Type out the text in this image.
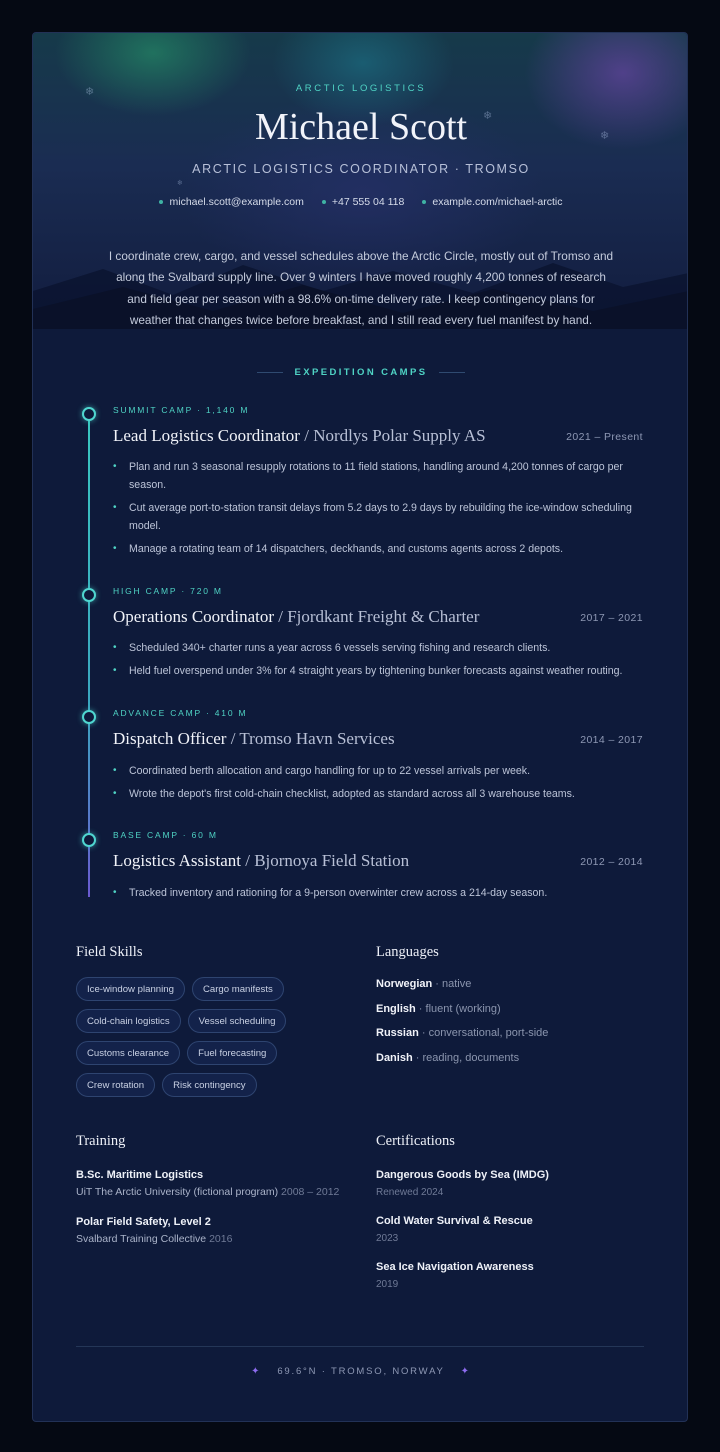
❄
❄
❄
❄
ARCTIC LOGISTICS
Michael Scott
ARCTIC LOGISTICS COORDINATOR · TROMSO
michael.scott@example.com	+47 555 04 118	example.com/michael-arctic

I coordinate crew, cargo, and vessel schedules above the Arctic Circle, mostly out of Tromso and along the Svalbard supply line. Over 9 winters I have moved roughly 4,200 tonnes of research and field gear per season with a 98.6% on-time delivery rate. I keep contingency plans for weather that changes twice before breakfast, and I still read every fuel manifest by hand.

EXPEDITION CAMPS
SUMMIT CAMP · 1,140 M
Lead Logistics Coordinator / Nordlys Polar Supply AS	2021 – Present
• Plan and run 3 seasonal resupply rotations to 11 field stations, handling around 4,200 tonnes of cargo per season.
• Cut average port-to-station transit delays from 5.2 days to 2.9 days by rebuilding the ice-window scheduling model.
• Manage a rotating team of 14 dispatchers, deckhands, and customs agents across 2 depots.
HIGH CAMP · 720 M
Operations Coordinator / Fjordkant Freight & Charter	2017 – 2021
• Scheduled 340+ charter runs a year across 6 vessels serving fishing and research clients.
• Held fuel overspend under 3% for 4 straight years by tightening bunker forecasts against weather routing.
ADVANCE CAMP · 410 M
Dispatch Officer / Tromso Havn Services	2014 – 2017
• Coordinated berth allocation and cargo handling for up to 22 vessel arrivals per week.
• Wrote the depot's first cold-chain checklist, adopted as standard across all 3 warehouse teams.
BASE CAMP · 60 M
Logistics Assistant / Bjornoya Field Station	2012 – 2014
• Tracked inventory and rationing for a 9-person overwinter crew across a 214-day season.
Field Skills
Ice-window planning	Cargo manifests
Cold-chain logistics	Vessel scheduling
Customs clearance	Fuel forecasting
Crew rotation	Risk contingency
Languages
Norwegian · native
English · fluent (working)
Russian · conversational, port-side
Danish · reading, documents
Training
B.Sc. Maritime Logistics
UiT The Arctic University (fictional program) 2008 – 2012
Polar Field Safety, Level 2
Svalbard Training Collective 2016
Certifications
Dangerous Goods by Sea (IMDG)
Renewed 2024
Cold Water Survival & Rescue
2023
Sea Ice Navigation Awareness
2019
✦ 69.6°N · TROMSO, NORWAY ✦
